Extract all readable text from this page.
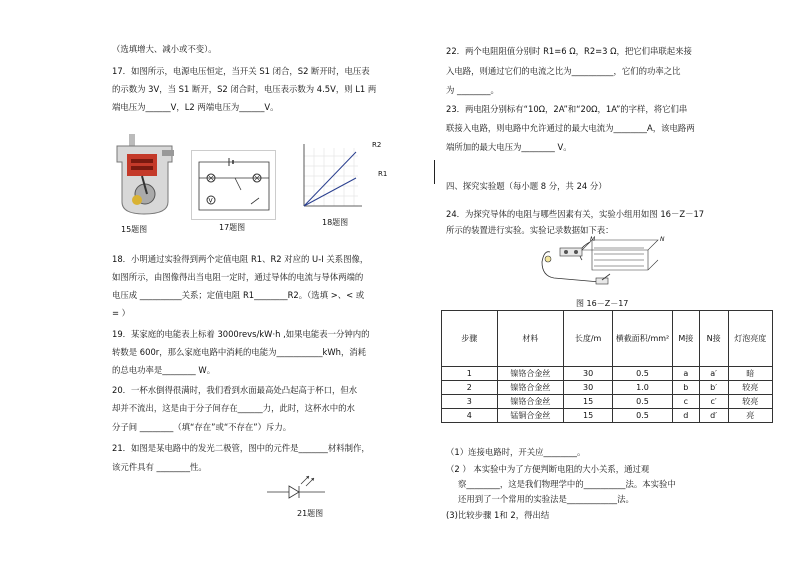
（选填增大、减小或不变）。
17．如图所示，电源电压恒定，当开关 S1 闭合，S2 断开时，电压表
的示数为 3V，当 S1 断开，S2 闭合时，电压表示数为 4.5V，则 L1 两
端电压为______V，L2 两端电压为______V。
15题图
V
17题图
R2
R1
18题图
18．小明通过实验得到两个定值电阻 R1、R2 对应的 U-I 关系图像，
如图所示，由图像得出当电阻一定时，通过导体的电流与导体两端的
电压成 __________关系；定值电阻 R1________R2。（选填 >、< 或
= ）
19．某家庭的电能表上标着 3000revs/kW·h ,如果电能表一分钟内的
转数是 600r，那么家庭电路中消耗的电能为___________kWh，消耗
的总电功率是________ W。
20．一杯水倒得很满时，我们看到水面最高处凸起高于杯口，但水
却并不流出，这是由于分子间存在______力，此时，这杯水中的水
分子间 ________（填“存在”或“不存在”）斥力。
21．如图是某电路中的发光二极管，图中的元件是_______材料制作，
该元件具有 ________性。
21题图
22．两个电阻阻值分别时 R1=6 Ω，R2=3 Ω，把它们串联起来接
入电路，则通过它们的电流之比为__________，它们的功率之比
为 ________。
23．两电阻分别标有“10Ω，2A”和“20Ω，1A”的字样，将它们串
联接入电路，则电路中允许通过的最大电流为________A，该电路两
端所加的最大电压为________ V。
四、探究实验题（每小题 8 分，共 24 分）
24．为探究导体的电阻与哪些因素有关，实验小组用如图 16－Z－17
所示的装置进行实验。实验记录数据如下表：
M	N
图 16－Z－17
步骤	材料	长度/m	横截面积/mm²	M接	N接	灯泡亮度
1	镍铬合金丝	30	0.5	a	a′	暗
2	镍铬合金丝	30	1.0	b	b′	较亮
3	镍铬合金丝	15	0.5	c	c′	较亮
4	锰铜合金丝	15	0.5	d	d′	亮
（1）连接电路时，开关应________。
（2 ） 本实验中为了方便判断电阻的大小关系，通过观
察________，这是我们物理学中的__________法。本实验中
还用到了一个常用的实验法是____________法。
(3)比较步骤 1和 2，得出结
